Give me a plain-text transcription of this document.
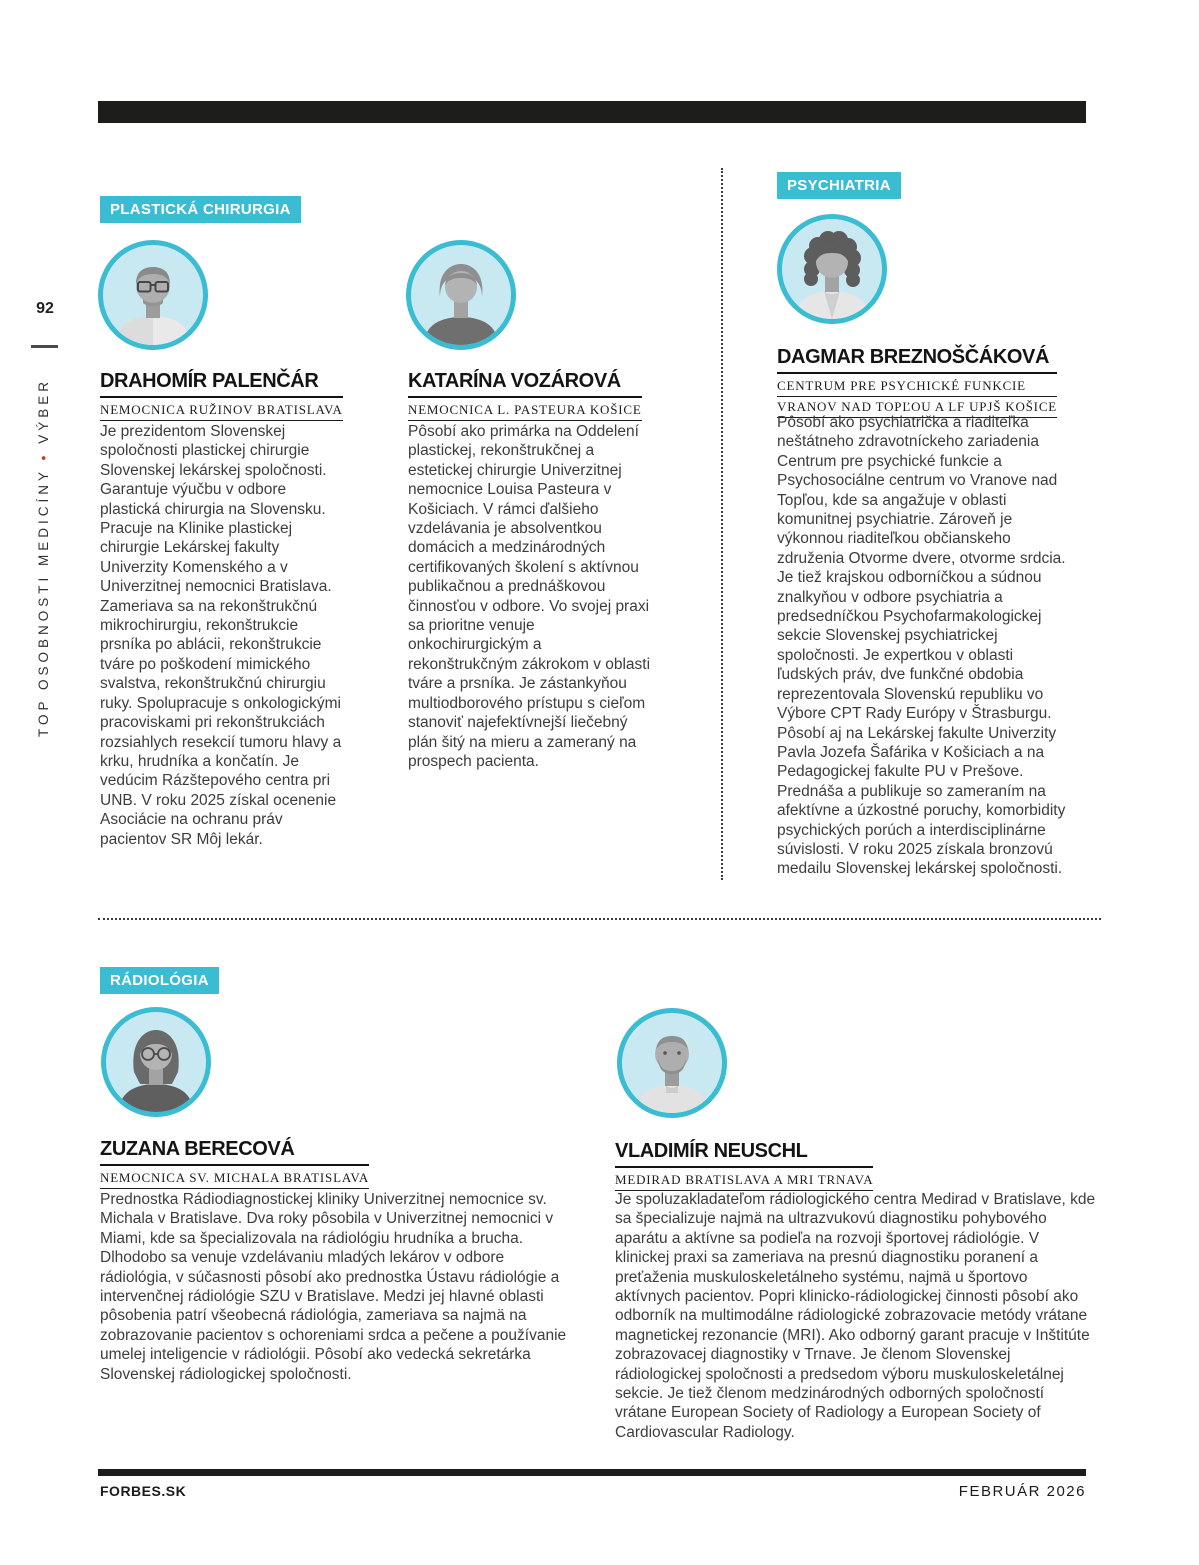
92
TOP OSOBNOSTI MEDICÍNY • VÝBER
PLASTICKÁ CHIRURGIA
DRAHOMÍR PALENČÁR
NEMOCNICA RUŽINOV BRATISLAVA
Je prezidentom Slovenskej spoločnosti plastickej chirurgie Slovenskej lekárskej spoločnosti. Garantuje výučbu v odbore plastická chirurgia na Slovensku. Pracuje na Klinike plastickej chirurgie Lekárskej fakulty Univerzity Komenského a v Univerzitnej nemocnici Bratislava. Zameriava sa na rekonštrukčnú mikrochirurgiu, rekonštrukcie prsníka po ablácii, rekonštrukcie tváre po poškodení mimického svalstva, rekonštrukčnú chirurgiu ruky. Spolupracuje s onkologickými pracoviskami pri rekonštrukciách rozsiahlych resekcií tumoru hlavy a krku, hrudníka a končatín. Je vedúcim Rázštepového centra pri UNB. V roku 2025 získal ocenenie Asociácie na ochranu práv pacientov SR Môj lekár.
KATARÍNA VOZÁROVÁ
NEMOCNICA L. PASTEURA KOŠICE
Pôsobí ako primárka na Oddelení plastickej, rekonštrukčnej a estetickej chirurgie Univerzitnej nemocnice Louisa Pasteura v Košiciach. V rámci ďalšieho vzdelávania je absolventkou domácich a medzinárodných certifikovaných školení s aktívnou publikačnou a prednáškovou činnosťou v odbore. Vo svojej praxi sa prioritne venuje onkochirurgickým a rekonštrukčným zákrokom v oblasti tváre a prsníka. Je zástankyňou multiodborového prístupu s cieľom stanoviť najefektívnejší liečebný plán šitý na mieru a zameraný na prospech pacienta.
PSYCHIATRIA
DAGMAR BREZNOŠČÁKOVÁ
CENTRUM PRE PSYCHICKÉ FUNKCIE
VRANOV NAD TOPĽOU A LF UPJŠ KOŠICE
Pôsobí ako psychiatrička a riaditeľka neštátneho zdravotníckeho zariadenia Centrum pre psychické funkcie a Psychosociálne centrum vo Vranove nad Topľou, kde sa angažuje v oblasti komunitnej psychiatrie. Zároveň je výkonnou riaditeľkou občianskeho združenia Otvorme dvere, otvorme srdcia. Je tiež krajskou odborníčkou a súdnou znalkyňou v odbore psychiatria a predsedníčkou Psychofarmakologickej sekcie Slovenskej psychiatrickej spoločnosti. Je expertkou v oblasti ľudských práv, dve funkčné obdobia reprezentovala Slovenskú republiku vo Výbore CPT Rady Európy v Štrasburgu. Pôsobí aj na Lekárskej fakulte Univerzity Pavla Jozefa Šafárika v Košiciach a na Pedagogickej fakulte PU v Prešove. Prednáša a publikuje so zameraním na afektívne a úzkostné poruchy, komorbidity psychických porúch a interdisciplinárne súvislosti. V roku 2025 získala bronzovú medailu Slovenskej lekárskej spoločnosti.
RÁDIOLÓGIA
ZUZANA BERECOVÁ
NEMOCNICA SV. MICHALA BRATISLAVA
Prednostka Rádiodiagnostickej kliniky Univerzitnej nemocnice sv. Michala v Bratislave. Dva roky pôsobila v Univerzitnej nemocnici v Miami, kde sa špecializovala na rádiológiu hrudníka a brucha. Dlhodobo sa venuje vzdelávaniu mladých lekárov v odbore rádiológia, v súčasnosti pôsobí ako prednostka Ústavu rádiológie a intervenčnej rádiológie SZU v Bratislave. Medzi jej hlavné oblasti pôsobenia patrí všeobecná rádiológia, zameriava sa najmä na zobrazovanie pacientov s ochoreniami srdca a pečene a používanie umelej inteligencie v rádiológii. Pôsobí ako vedecká sekretárka Slovenskej rádiologickej spoločnosti.
VLADIMÍR NEUSCHL
MEDIRAD BRATISLAVA A MRI TRNAVA
Je spoluzakladateľom rádiologického centra Medirad v Bratislave, kde sa špecializuje najmä na ultrazvukovú diagnostiku pohybového aparátu a aktívne sa podieľa na rozvoji športovej rádiológie. V klinickej praxi sa zameriava na presnú diagnostiku poranení a preťaženia muskuloskeletálneho systému, najmä u športovo aktívnych pacientov. Popri klinicko-rádiologickej činnosti pôsobí ako odborník na multimodálne rádiologické zobrazovacie metódy vrátane magnetickej rezonancie (MRI). Ako odborný garant pracuje v Inštitúte zobrazovacej diagnostiky v Trnave. Je členom Slovenskej rádiologickej spoločnosti a predsedom výboru muskuloskeletálnej sekcie. Je tiež členom medzinárodných odborných spoločností vrátane European Society of Radiology a European Society of Cardiovascular Radiology.
FORBES.SK	FEBRUÁR 2026
